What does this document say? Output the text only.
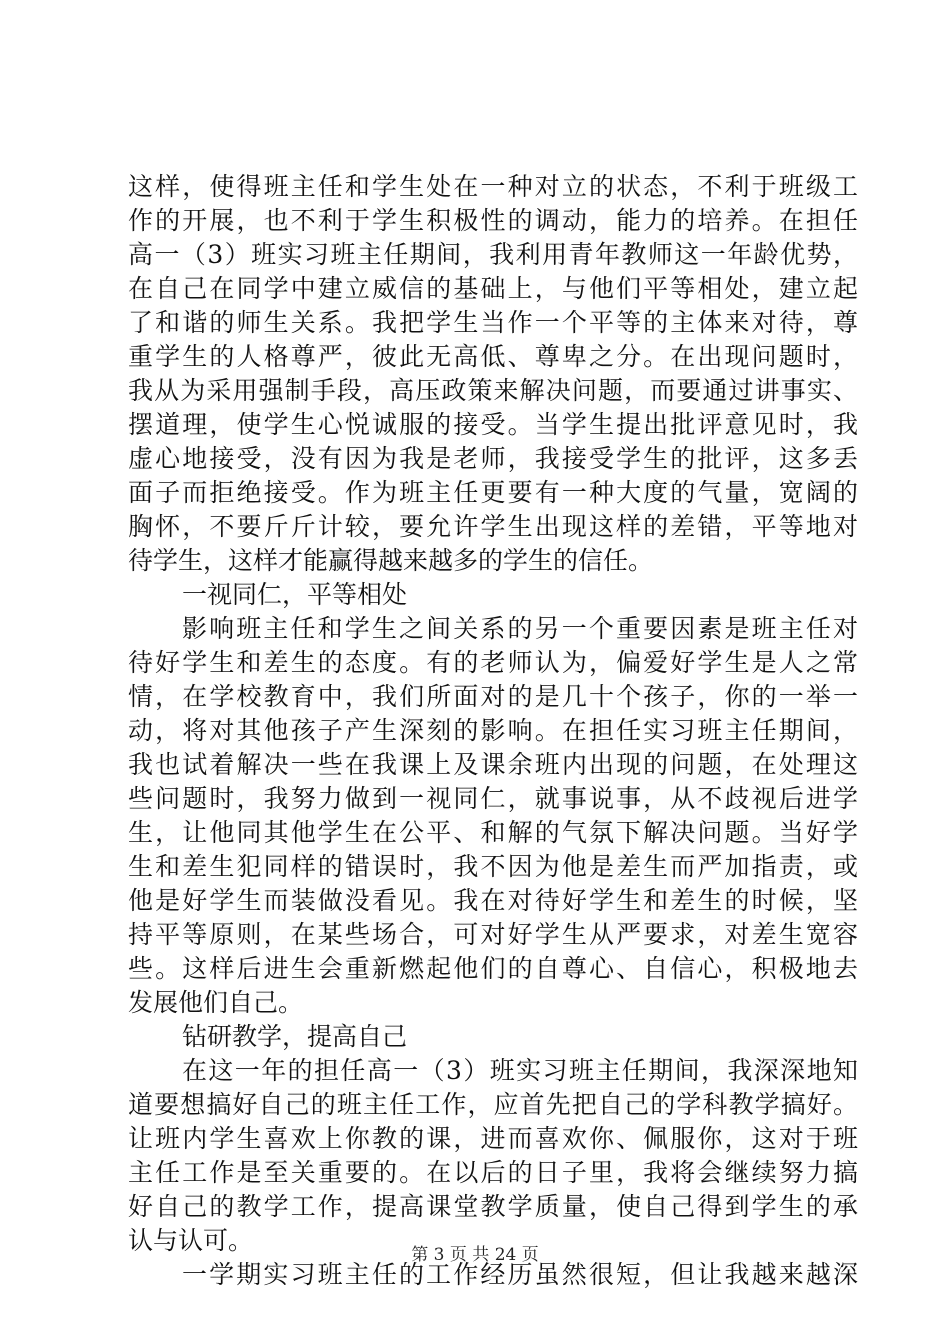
这样，使得班主任和学生处在一种对立的状态，不利于班级工
作的开展，也不利于学生积极性的调动，能力的培养。在担任
高一（3）班实习班主任期间，我利用青年教师这一年龄优势，
在自己在同学中建立威信的基础上，与他们平等相处，建立起
了和谐的师生关系。我把学生当作一个平等的主体来对待，尊
重学生的人格尊严，彼此无高低、尊卑之分。在出现问题时，
我从为采用强制手段，高压政策来解决问题，而要通过讲事实、
摆道理，使学生心悦诚服的接受。当学生提出批评意见时，我
虚心地接受，没有因为我是老师，我接受学生的批评，这多丢
面子而拒绝接受。作为班主任更要有一种大度的气量，宽阔的
胸怀，不要斤斤计较，要允许学生出现这样的差错，平等地对
待学生，这样才能赢得越来越多的学生的信任。
一视同仁，平等相处
影响班主任和学生之间关系的另一个重要因素是班主任对
待好学生和差生的态度。有的老师认为，偏爱好学生是人之常
情，在学校教育中，我们所面对的是几十个孩子，你的一举一
动，将对其他孩子产生深刻的影响。在担任实习班主任期间，
我也试着解决一些在我课上及课余班内出现的问题，在处理这
些问题时，我努力做到一视同仁，就事说事，从不歧视后进学
生，让他同其他学生在公平、和解的气氛下解决问题。当好学
生和差生犯同样的错误时，我不因为他是差生而严加指责，或
他是好学生而装做没看见。我在对待好学生和差生的时候，坚
持平等原则，在某些场合，可对好学生从严要求，对差生宽容
些。这样后进生会重新燃起他们的自尊心、自信心，积极地去
发展他们自己。
钻研教学，提高自己
在这一年的担任高一（3）班实习班主任期间，我深深地知
道要想搞好自己的班主任工作，应首先把自己的学科教学搞好。
让班内学生喜欢上你教的课，进而喜欢你、佩服你，这对于班
主任工作是至关重要的。在以后的日子里，我将会继续努力搞
好自己的教学工作，提高课堂教学质量，使自己得到学生的承
认与认可。
一学期实习班主任的工作经历虽然很短，但让我越来越深
第 3 页 共 24 页
